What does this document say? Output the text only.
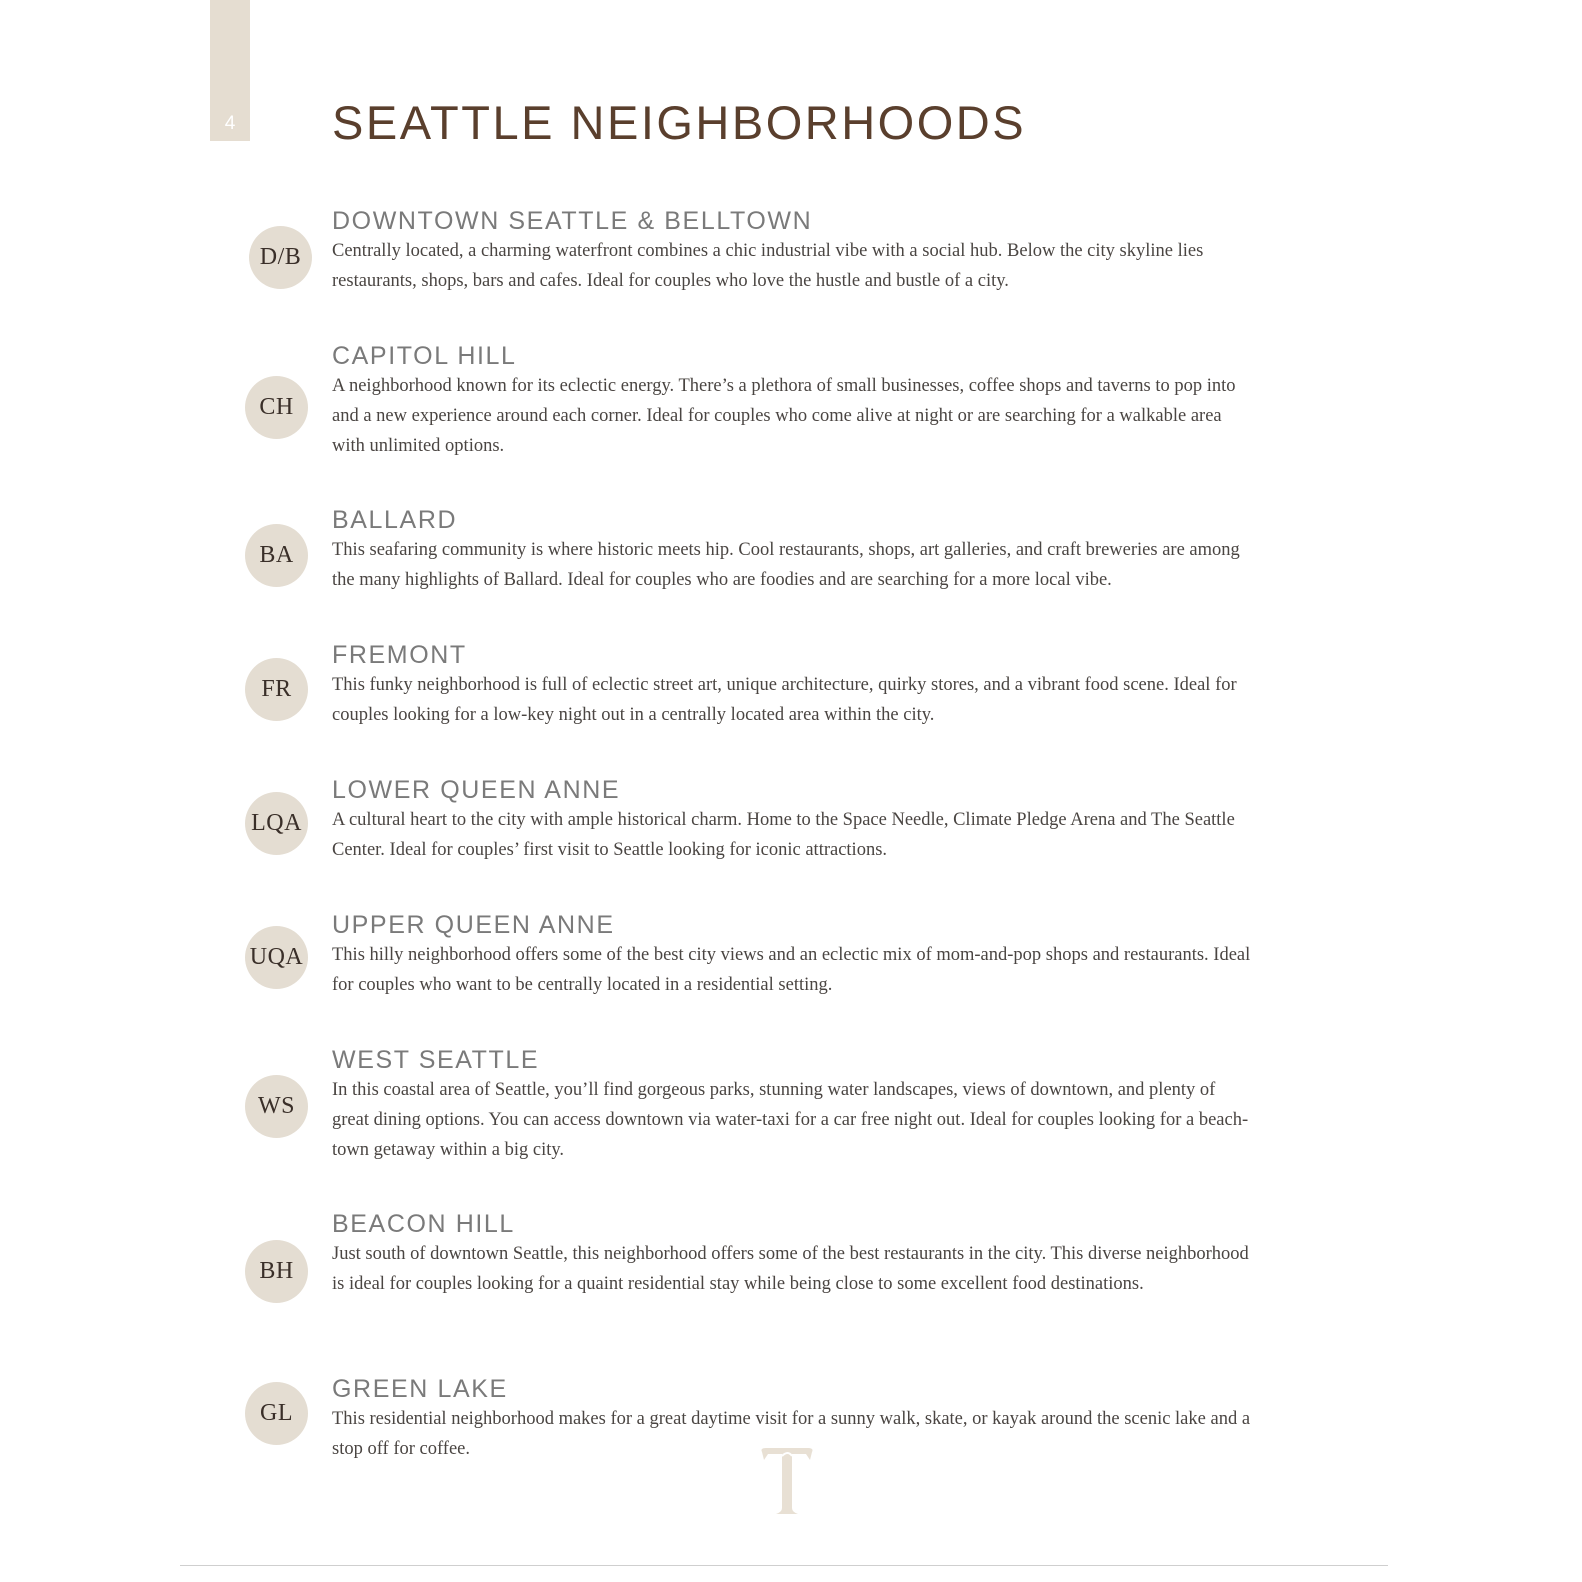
4	SEATTLE NEIGHBORHOODS
D/B
DOWNTOWN SEATTLE & BELLTOWN

Centrally located, a charming waterfront combines a chic industrial vibe with a social hub. Below the city skyline lies restaurants, shops, bars and cafes. Ideal for couples who love the hustle and bustle of a city.

CH
CAPITOL HILL

A neighborhood known for its eclectic energy. There’s a plethora of small businesses, coffee shops and taverns to pop into and a new experience around each corner. Ideal for couples who come alive at night or are searching for a walkable area with unlimited options.

BA
BALLARD

This seafaring community is where historic meets hip. Cool restaurants, shops, art galleries, and craft breweries are among the many highlights of Ballard. Ideal for couples who are foodies and are searching for a more local vibe.

FR
FREMONT

This funky neighborhood is full of eclectic street art, unique architecture, quirky stores, and a vibrant food scene. Ideal for couples looking for a low-key night out in a centrally located area within the city.

LQA
LOWER QUEEN ANNE

A cultural heart to the city with ample historical charm. Home to the Space Needle, Climate Pledge Arena and The Seattle Center. Ideal for couples’ first visit to Seattle looking for iconic attractions.

UQA
UPPER QUEEN ANNE

This hilly neighborhood offers some of the best city views and an eclectic mix of mom-and-pop shops and restaurants. Ideal for couples who want to be centrally located in a residential setting.

WS
WEST SEATTLE

In this coastal area of Seattle, you’ll find gorgeous parks, stunning water landscapes, views of downtown, and plenty of great dining options. You can access downtown via water-taxi for a car free night out. Ideal for couples looking for a beach-town getaway within a big city.

BH
BEACON HILL

Just south of downtown Seattle, this neighborhood offers some of the best restaurants in the city. This diverse neighborhood is ideal for couples looking for a quaint residential stay while being close to some excellent food destinations.

GL
GREEN LAKE

This residential neighborhood makes for a great daytime visit for a sunny walk, skate, or kayak around the scenic lake and a stop off for coffee.
